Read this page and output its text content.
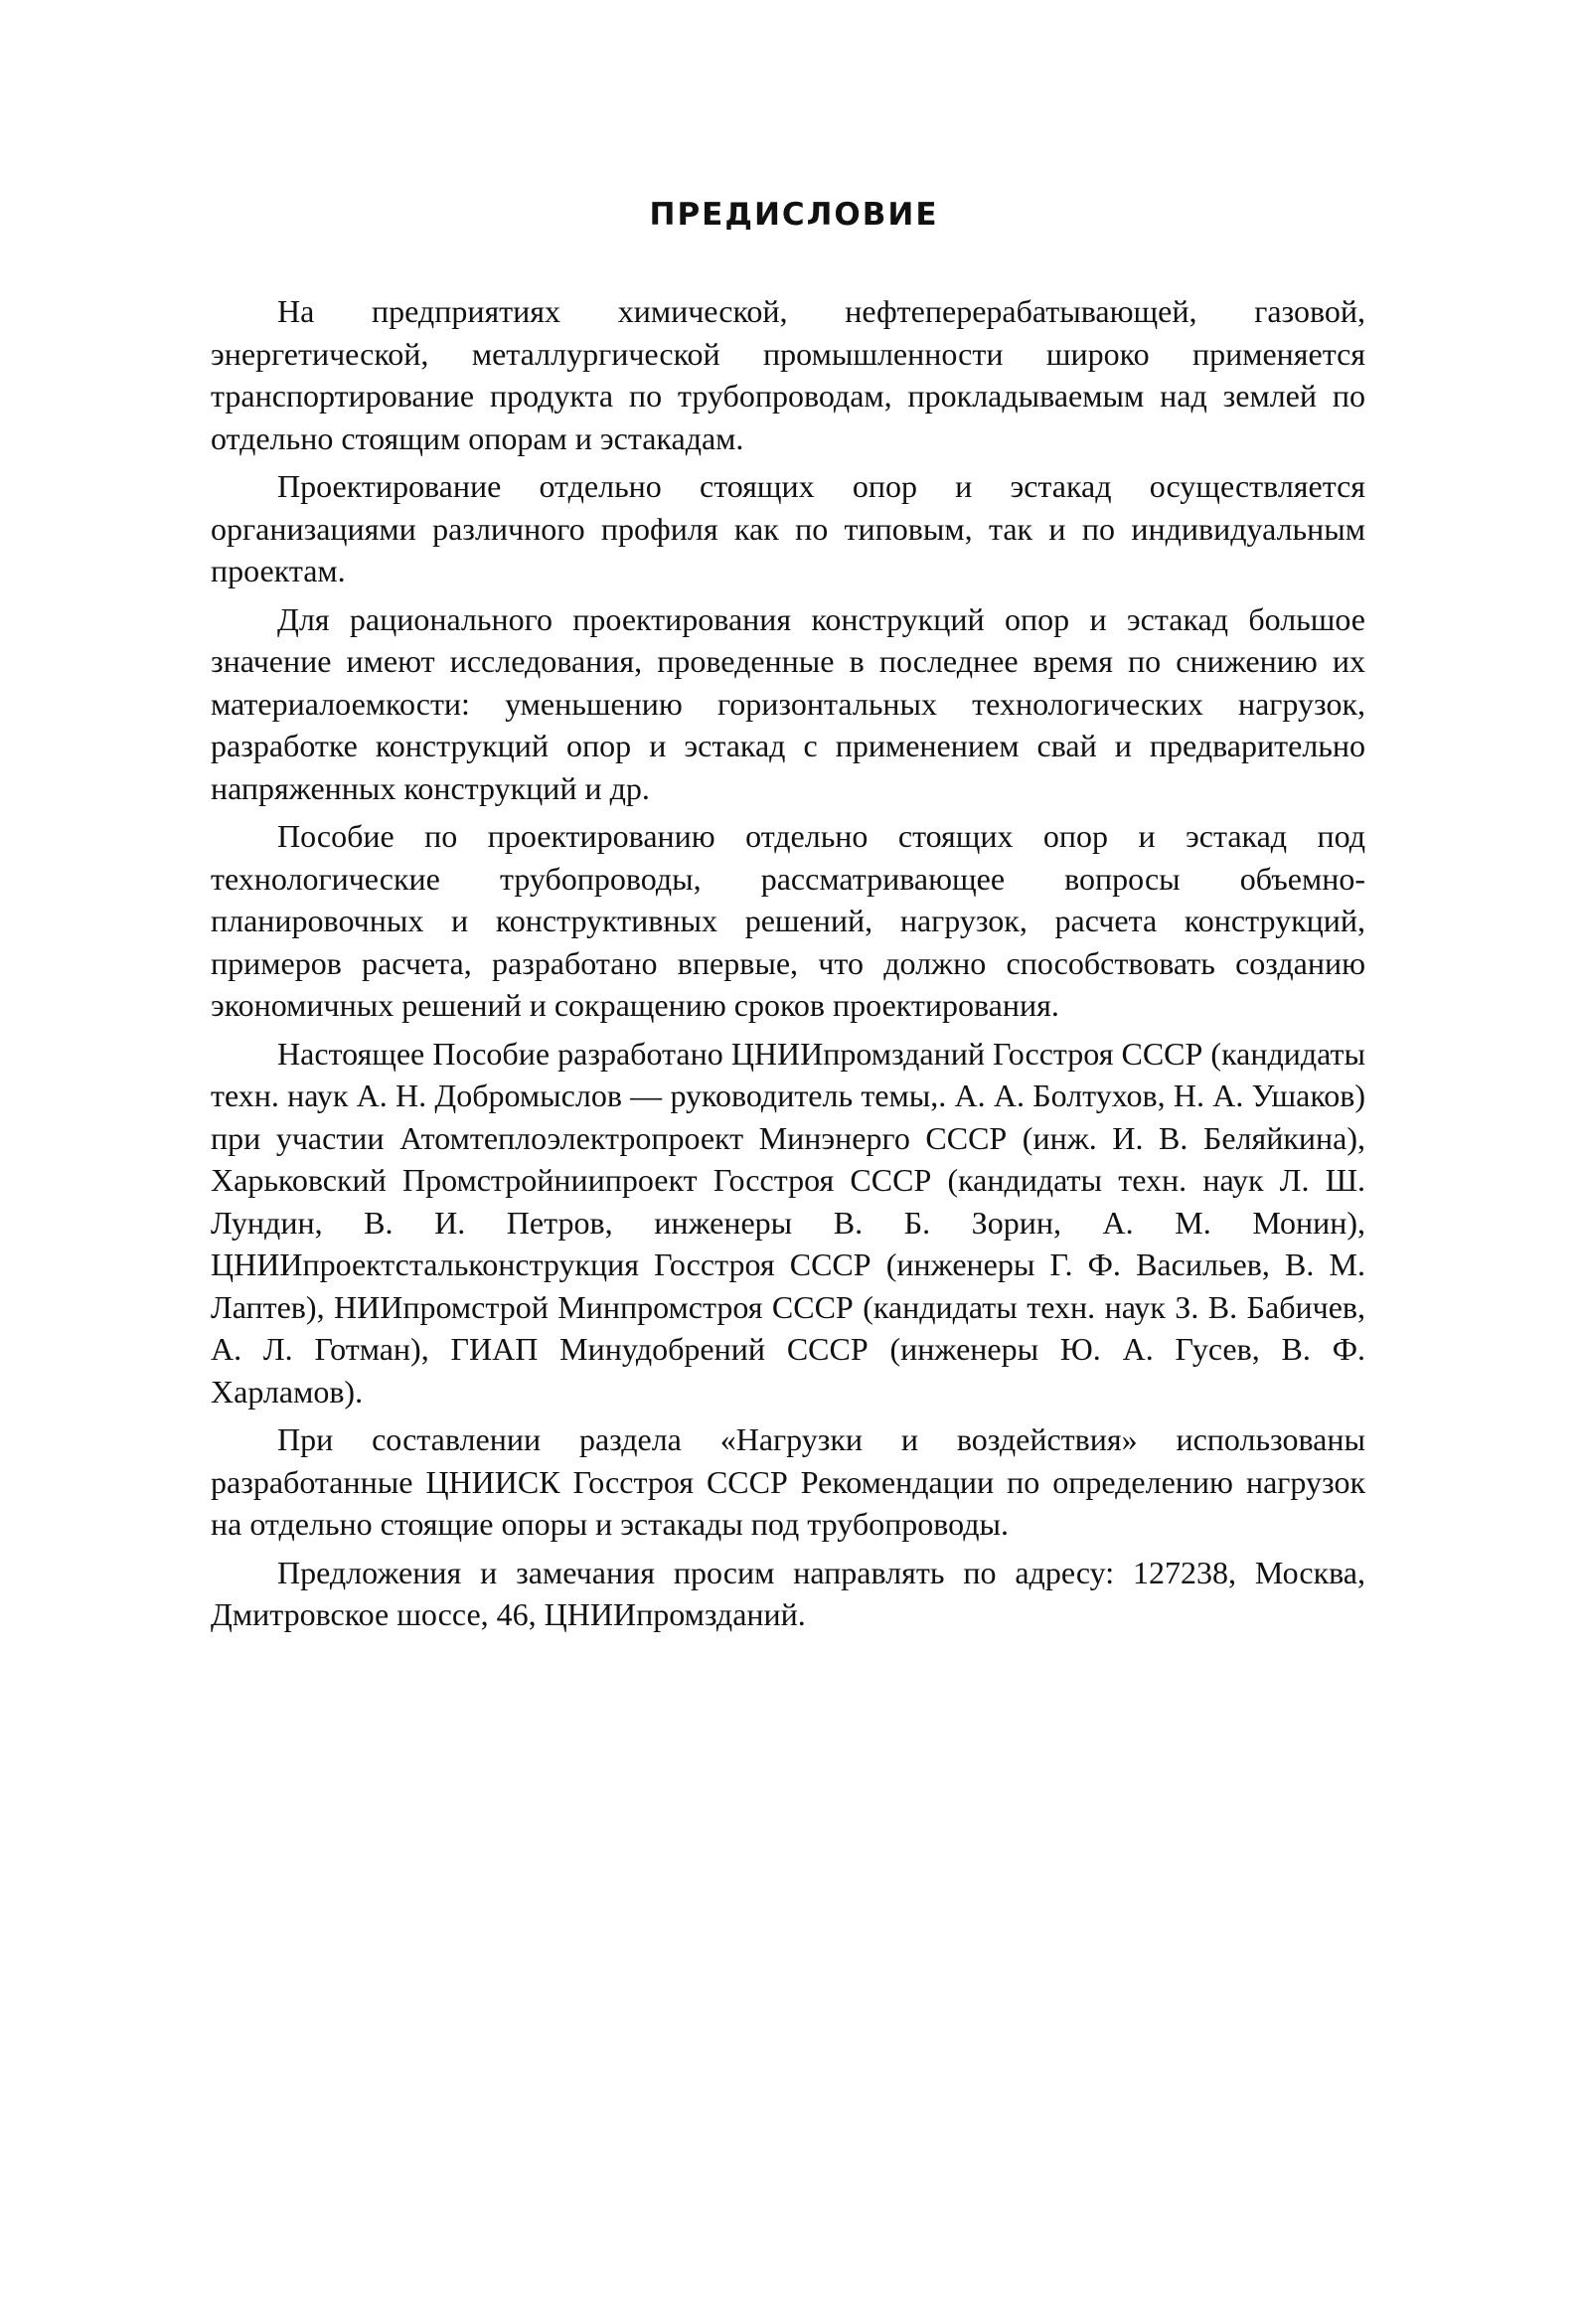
ПРЕДИСЛОВИЕ

На предприятиях химической, нефтеперерабатывающей, газовой, энергетической, металлургической промышленности широко применяется транспортирование продукта по трубопроводам, прокладываемым над землей по отдельно стоящим опорам и эстакадам.

Проектирование отдельно стоящих опор и эстакад осуществляется организациями различного профиля как по типовым, так и по индивидуальным проектам.

Для рационального проектирования конструкций опор и эстакад большое значение имеют исследования, проведенные в последнее время по снижению их материалоемкости: уменьшению горизонтальных технологических нагрузок, разработке конструкций опор и эстакад с применением свай и предварительно напряженных конструкций и др.

Пособие по проектированию отдельно стоящих опор и эстакад под технологические трубопроводы, рассматривающее вопросы объемно-планировочных и конструктивных решений, нагрузок, расчета конструкций, примеров расчета, разработано впервые, что должно способствовать созданию экономичных решений и сокращению сроков проектирования.

Настоящее Пособие разработано ЦНИИпромзданий Госстроя СССР (кандидаты техн. наук А. Н. Добромыслов — руководитель темы,. А. А. Болтухов, Н. А. Ушаков) при участии Атомтеплоэлектропроект Минэнерго СССР (инж. И. В. Беляйкина), Харьковский Промстройниипроект Госстроя СССР (кандидаты техн. наук Л. Ш. Лундин, В. И. Петров, инженеры В. Б. Зорин, А. М. Монин), ЦНИИпроектстальконструкция Госстроя СССР (инженеры Г. Ф. Васильев, В. М. Лаптев), НИИпромстрой Минпромстроя СССР (кандидаты техн. наук З. В. Бабичев, А. Л. Готман), ГИАП Минудобрений СССР (инженеры Ю. А. Гусев, В. Ф. Харламов).

При составлении раздела «Нагрузки и воздействия» использованы разработанные ЦНИИСК Госстроя СССР Рекомендации по определению нагрузок на отдельно стоящие опоры и эстакады под трубопроводы.

Предложения и замечания просим направлять по адресу: 127238, Москва, Дмитровское шоссе, 46, ЦНИИпромзданий.
